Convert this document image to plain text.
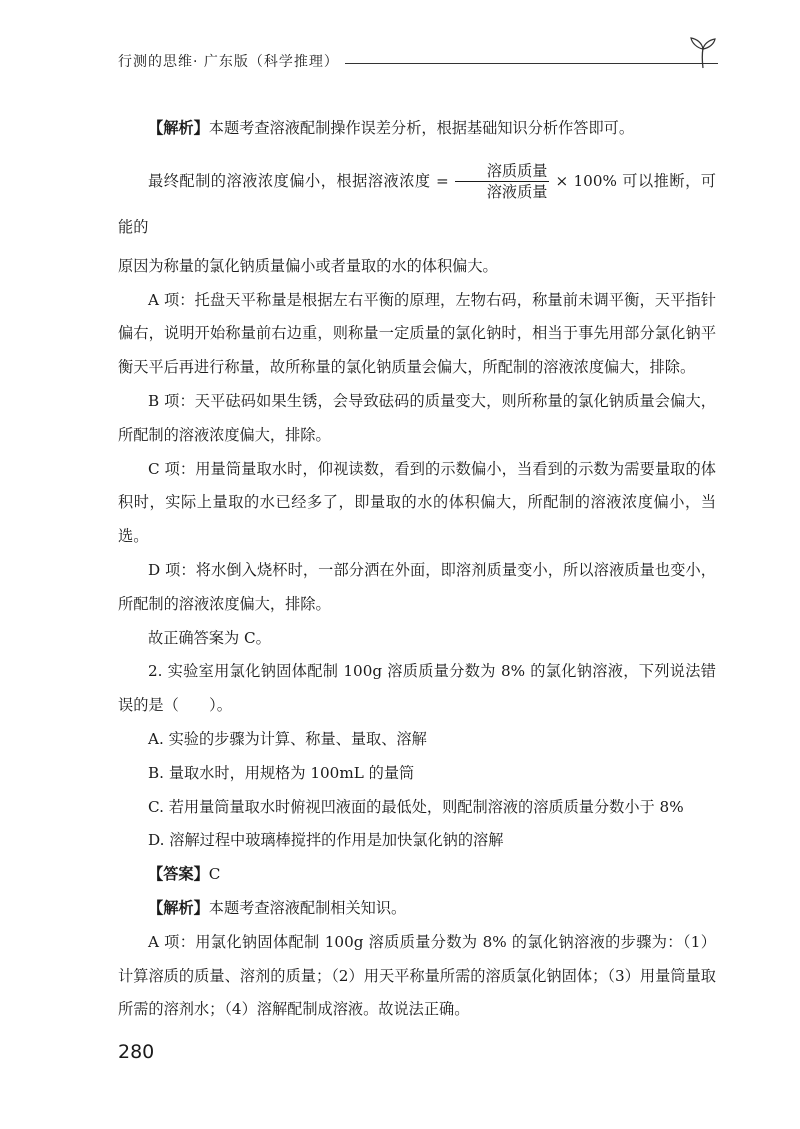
行测的思维· 广东版（科学推理）

【解析】本题考查溶液配制操作误差分析，根据基础知识分析作答即可。

最终配制的溶液浓度偏小，根据溶液浓度 = $\frac{\text{溶质质量}}{\text{溶液质量}} \times 100\%$ 可以推断，可能的

原因为称量的氯化钠质量偏小或者量取的水的体积偏大。

A 项：托盘天平称量是根据左右平衡的原理，左物右码，称量前未调平衡，天平指针偏右，说明开始称量前右边重，则称量一定质量的氯化钠时，相当于事先用部分氯化钠平衡天平后再进行称量，故所称量的氯化钠质量会偏大，所配制的溶液浓度偏大，排除。

B 项：天平砝码如果生锈，会导致砝码的质量变大，则所称量的氯化钠质量会偏大，所配制的溶液浓度偏大，排除。

C 项：用量筒量取水时，仰视读数，看到的示数偏小，当看到的示数为需要量取的体积时，实际上量取的水已经多了，即量取的水的体积偏大，所配制的溶液浓度偏小，当选。

D 项：将水倒入烧杯时，一部分洒在外面，即溶剂质量变小，所以溶液质量也变小，所配制的溶液浓度偏大，排除。

故正确答案为 C。

2. 实验室用氯化钠固体配制 100g 溶质质量分数为 8% 的氯化钠溶液，下列说法错误的是（　　）。

A. 实验的步骤为计算、称量、量取、溶解

B. 量取水时，用规格为 100mL 的量筒

C. 若用量筒量取水时俯视凹液面的最低处，则配制溶液的溶质质量分数小于 8%

D. 溶解过程中玻璃棒搅拌的作用是加快氯化钠的溶解

【答案】C

【解析】本题考查溶液配制相关知识。

A 项：用氯化钠固体配制 100g 溶质质量分数为 8% 的氯化钠溶液的步骤为：（1）计算溶质的质量、溶剂的质量；（2）用天平称量所需的溶质氯化钠固体；（3）用量筒量取所需的溶剂水；（4）溶解配制成溶液。故说法正确。

280
